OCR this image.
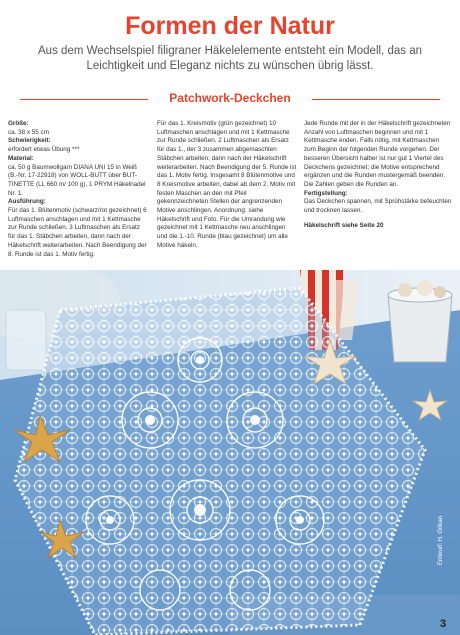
Formen der Natur
Aus dem Wechselspiel filigraner Häkelelemente entsteht ein Modell, das an Leichtigkeit und Eleganz nichts zu wünschen übrig lässt.
Patchwork-Deckchen
Größe:

ca. 38 x 55 cm

Schwierigkeit:

erfordert etwas Übung ***

Material:

ca. 50 g Baumwollgarn DIANA UNI 15 in Weiß (B.-Nr. 17-22918) von WOLL-BUTT über BUT-TINETTE (LL 660 m/ 100 g), 1 PRYM Häkelnadel Nr. 1.

Ausführung:

Für das 1. Blütenmotiv (schwarz/rot gezeichnet) 6 Luftmaschen anschlagen und mit 1 Kettmasche zur Runde schließen. 3 Luftmaschen als Ersatz für das 1. Stäbchen arbeiten, dann nach der Häkelschrift weiterarbeiten. Nach Beendigung der 8. Runde ist das 1. Motiv fertig.

Für das 1. Kreismotiv (grün gezeichnet) 10 Luftmaschen anschlagen und mit 1 Kettmasche zur Runde schließen. 2 Luftmaschen als Ersatz für das 1., der 3 zusammen abgemaschten Stäbchen arbeiten; dann nach der Häkelschrift weiterarbeiten. Nach Beendigung der 5. Runde ist das 1. Motiv fertig. Insgesamt 8 Blütenmotive und 8 Kreismotive arbeiten, dabei ab dem 2. Motiv mit festen Maschen an den mit Pfeil gekennzeichneten Stellen der angrenzenden Motive anschlingen. Anordnung: siehe Häkelschrift und Foto. Für die Umrandung wie gezeichnet mit 1 Kettmasche neu anschlingen und die 1.-10. Runde (blau gezeichnet) um alle Motive häkeln.

Jede Runde mit der in der Häkelschrift gezeichneten Anzahl von Luftmaschen beginnen und mit 1 Kettmasche enden. Falls nötig, mit Kettmaschen zum Beginn der folgenden Runde vorgehen. Der besseren Übersicht halber ist nur gut 1 Viertel des Deckchens gezeichnet; die Motive entsprechend ergänzen und die Runden mustergemäß beenden. Die Zahlen geben die Runden an.

Fertigstellung:

Das Deckchen spannen, mit Sprühstärke befeuchten und trocknen lassen.

Häkelschrift siehe Seite 20

Entwurf: H. Gökan
3
